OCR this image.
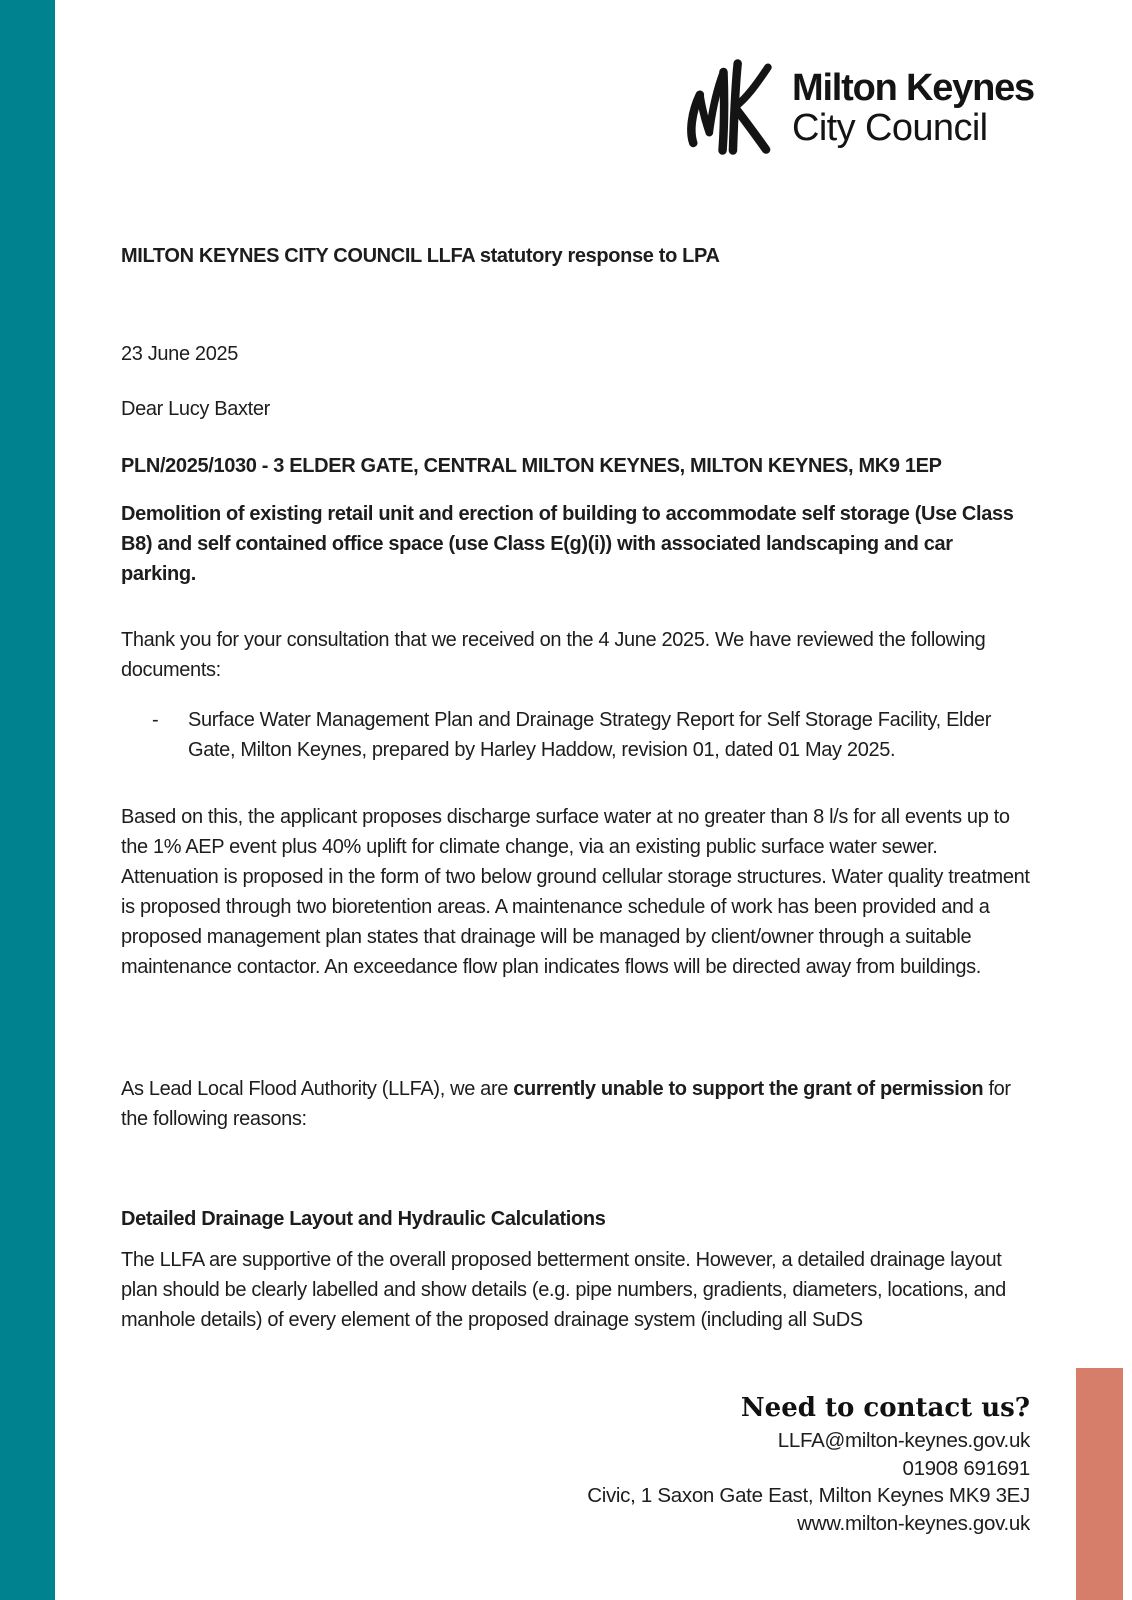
Milton Keynes
City Council

MILTON KEYNES CITY COUNCIL LLFA statutory response to LPA

23 June 2025

Dear Lucy Baxter

PLN/2025/1030 - 3 ELDER GATE, CENTRAL MILTON KEYNES, MILTON KEYNES, MK9 1EP

Demolition of existing retail unit and erection of building to accommodate self storage (Use Class B8) and self contained office space (use Class E(g)(i)) with associated landscaping and car parking.

Thank you for your consultation that we received on the 4 June 2025. We have reviewed the following documents:

-	Surface Water Management Plan and Drainage Strategy Report for Self Storage Facility, Elder Gate, Milton Keynes, prepared by Harley Haddow, revision 01, dated 01 May 2025.

Based on this, the applicant proposes discharge surface water at no greater than 8 l/s for all events up to the 1% AEP event plus 40% uplift for climate change, via an existing public surface water sewer. Attenuation is proposed in the form of two below ground cellular storage structures. Water quality treatment is proposed through two bioretention areas. A maintenance schedule of work has been provided and a proposed management plan states that drainage will be managed by client/owner through a suitable maintenance contactor. An exceedance flow plan indicates flows will be directed away from buildings.

As Lead Local Flood Authority (LLFA), we are currently unable to support the grant of permission for the following reasons:

Detailed Drainage Layout and Hydraulic Calculations

The LLFA are supportive of the overall proposed betterment onsite. However, a detailed drainage layout plan should be clearly labelled and show details (e.g. pipe numbers, gradients, diameters, locations, and manhole details) of every element of the proposed drainage system (including all SuDS

Need to contact us?

LLFA@milton-keynes.gov.uk

01908 691691

Civic, 1 Saxon Gate East, Milton Keynes MK9 3EJ

www.milton-keynes.gov.uk
